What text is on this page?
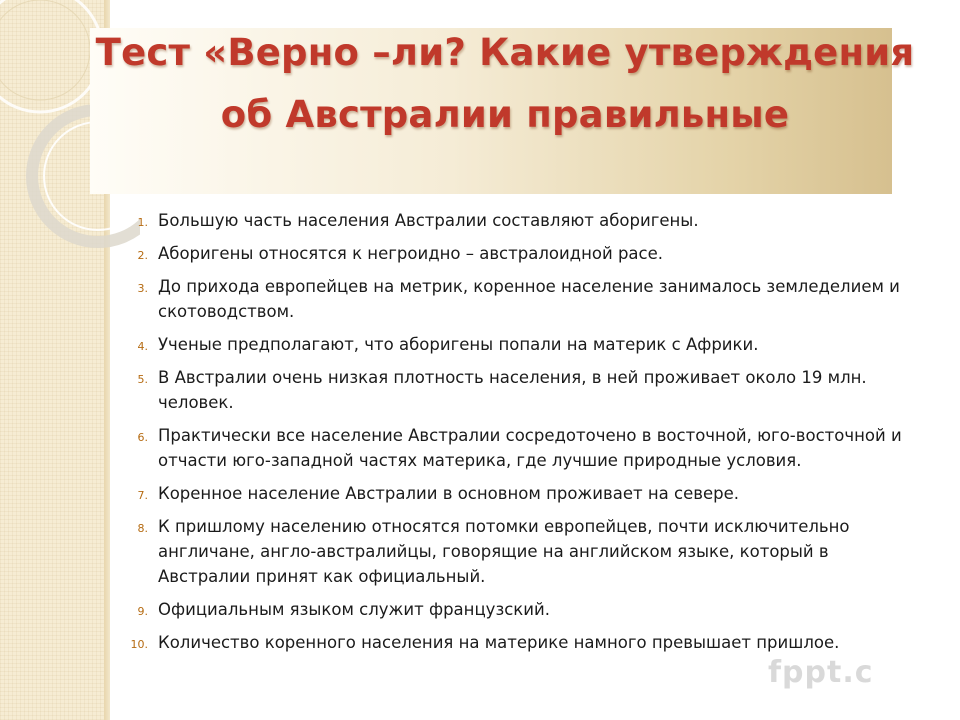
Тест «Верно –ли? Какие утверждения об Австралии правильные
1. Большую часть населения Австралии составляют аборигены.
2. Аборигены относятся к негроидно – австралоидной расе.
3. До прихода европейцев на метрик, коренное население занималось земледелием и скотоводством.
4. Ученые предполагают, что аборигены попали на материк с Африки.
5. В Австралии очень низкая плотность населения, в ней проживает около 19 млн. человек.
6. Практически все население Австралии сосредоточено в восточной, юго-восточной и отчасти юго-западной частях материка, где лучшие природные условия.
7. Коренное население Австралии в основном проживает на севере.
8. К пришлому населению относятся потомки европейцев, почти исключительно англичане, англо-австралийцы, говорящие на английском языке, который в Австралии принят как официальный.
9. Официальным языком служит французский.
10. Количество коренного населения на материке намного превышает пришлое.
fppt.c
